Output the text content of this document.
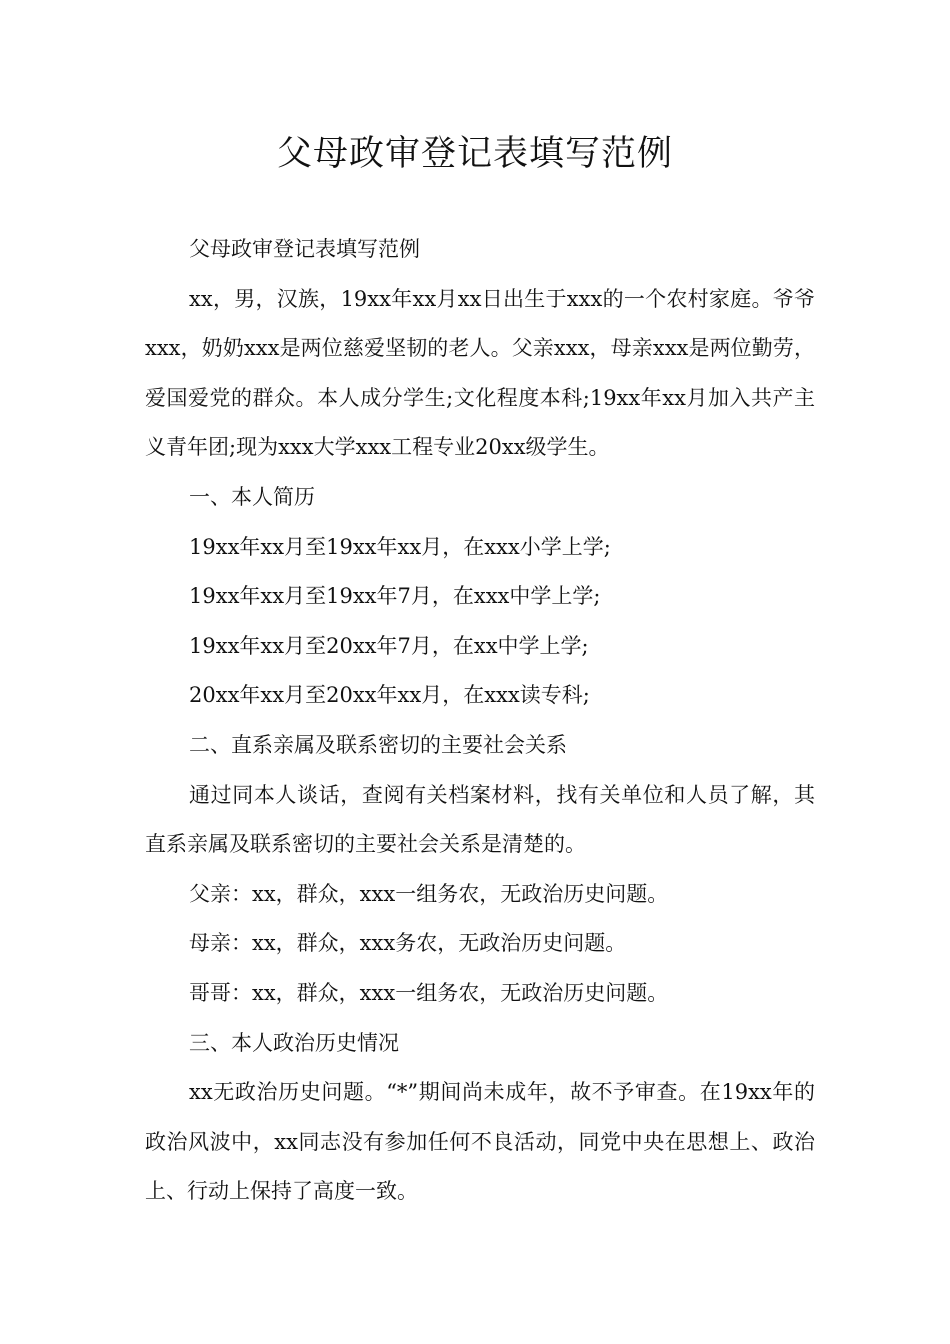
父母政审登记表填写范例

父母政审登记表填写范例

xx，男，汉族，19xx年xx月xx日出生于xxx的一个农村家庭。爷爷xxx，奶奶xxx是两位慈爱坚韧的老人。父亲xxx，母亲xxx是两位勤劳，爱国爱党的群众。本人成分学生;文化程度本科;19xx年xx月加入共产主义青年团;现为xxx大学xxx工程专业20xx级学生。

一、本人简历

19xx年xx月至19xx年xx月，在xxx小学上学;

19xx年xx月至19xx年7月，在xxx中学上学;

19xx年xx月至20xx年7月，在xx中学上学;

20xx年xx月至20xx年xx月，在xxx读专科;

二、直系亲属及联系密切的主要社会关系

通过同本人谈话，查阅有关档案材料，找有关单位和人员了解，其直系亲属及联系密切的主要社会关系是清楚的。

父亲：xx，群众，xxx一组务农，无政治历史问题。

母亲：xx，群众，xxx务农，无政治历史问题。

哥哥：xx，群众，xxx一组务农，无政治历史问题。

三、本人政治历史情况

xx无政治历史问题。“*”期间尚未成年，故不予审查。在19xx年的政治风波中，xx同志没有参加任何不良活动，同党中央在思想上、政治上、行动上保持了高度一致。
